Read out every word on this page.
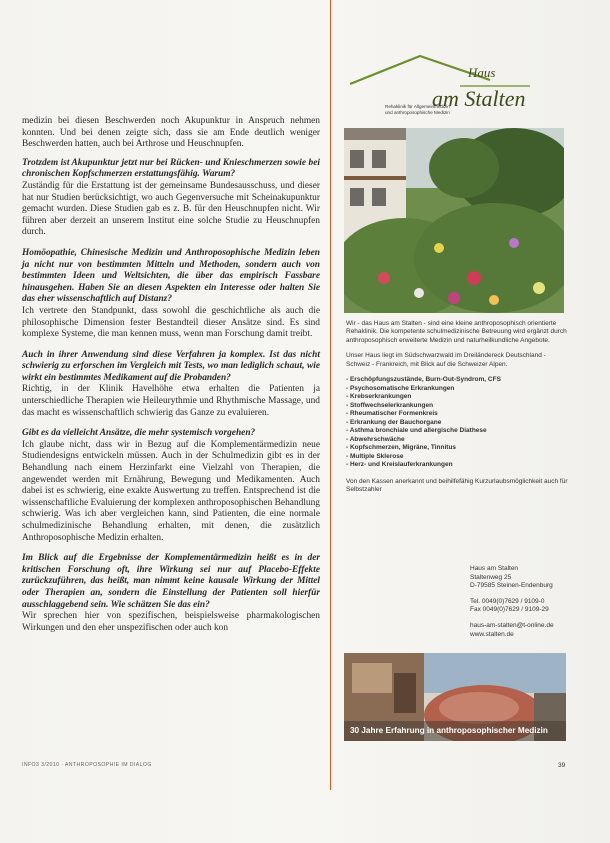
medizin bei diesen Beschwerden noch Akupunktur in Anspruch nehmen konnten. Und bei denen zeigte sich, dass sie am Ende deutlich weniger Beschwerden hatten, auch bei Arthrose und Heuschnupfen.

Trotzdem ist Akupunktur jetzt nur bei Rücken- und Knieschmerzen sowie bei chronischen Kopfschmerzen erstattungsfähig. Warum?

Zuständig für die Erstattung ist der gemeinsame Bundesausschuss, und dieser hat nur Studien berücksichtigt, wo auch Gegenversuche mit Scheinakupunktur gemacht wurden. Diese Studien gab es z. B. für den Heuschnupfen nicht. Wir führen aber derzeit an unserem Institut eine solche Studie zu Heuschnupfen durch.

Homöopathie, Chinesische Medizin und Anthroposophische Medizin leben ja nicht nur von bestimmten Mitteln und Methoden, sondern auch von bestimmten Ideen und Weltsichten, die über das empirisch Fassbare hinausgehen. Haben Sie an diesen Aspekten ein Interesse oder halten Sie das eher wissenschaftlich auf Distanz?

Ich vertrete den Standpunkt, dass sowohl die geschichtliche als auch die philosophische Dimension fester Bestandteil dieser Ansätze sind. Es sind komplexe Systeme, die man kennen muss, wenn man Forschung damit treibt.

Auch in ihrer Anwendung sind diese Verfahren ja komplex. Ist das nicht schwierig zu erforschen im Vergleich mit Tests, wo man lediglich schaut, wie wirkt ein bestimmtes Medikament auf die Probanden?

Richtig, in der Klinik Havelhöhe etwa erhalten die Patienten ja unterschiedliche Therapien wie Heileurythmie und Rhythmische Massage, und das macht es wissenschaftlich schwierig das Ganze zu evaluieren.

Gibt es da vielleicht Ansätze, die mehr systemisch vorgehen?

Ich glaube nicht, dass wir in Bezug auf die Komplementärmedizin neue Studiendesigns entwickeln müssen. Auch in der Schulmedizin gibt es in der Behandlung nach einem Herzinfarkt eine Vielzahl von Therapien, die angewendet werden mit Ernährung, Bewegung und Medikamenten. Auch dabei ist es schwierig, eine exakte Auswertung zu treffen. Entsprechend ist die wissenschaftliche Evaluierung der komplexen anthroposophischen Behandlung schwierig. Was ich aber vergleichen kann, sind Patienten, die eine normale schulmedizinische Behandlung erhalten, mit denen, die zusätzlich Anthroposophische Medizin erhalten.

Im Blick auf die Ergebnisse der Komplementärmedizin heißt es in der kritischen Forschung oft, ihre Wirkung sei nur auf Placebo-Effekte zurückzuführen, das heißt, man nimmt keine kausale Wirkung der Mittel oder Therapien an, sondern die Einstellung der Patienten soll hierfür ausschlaggebend sein. Wie schätzen Sie das ein?

Wir sprechen hier von spezifischen, beispielsweise pharmakologischen Wirkungen und den eher unspezifischen oder auch kon

Haus
am Stalten
Rehaklinik für Allgemeinmedizin
und anthroposophische Medizin

Wir - das Haus am Stalten - sind eine kleine anthroposophisch orientierte Rehaklinik. Die kompetente schulmedizinische Betreuung wird ergänzt durch anthroposophisch erweiterte Medizin und naturheilkundliche Angebote.

Unser Haus liegt im Südschwarzwald im Dreiländereck Deutschland - Schweiz - Frankreich, mit Blick auf die Schweizer Alpen.

- Erschöpfungszustände, Burn-Out-Syndrom, CFS
- Psychosomatische Erkrankungen
- Krebserkrankungen
- Stoffwechselerkrankungen
- Rheumatischer Formenkreis
- Erkrankung der Bauchorgane
- Asthma bronchiale und allergische Diathese
- Abwehrschwäche
- Kopfschmerzen, Migräne, Tinnitus
- Multiple Sklerose
- Herz- und Kreislauferkrankungen

Von den Kassen anerkannt und beihilfefähig Kurzurlaubsmöglichkeit auch für Selbstzahler

Haus am Stalten
Staltenweg 25
D-79585 Steinen-Endenburg
Tel. 0049(0)7629 / 9109-0
Fax 0049(0)7629 / 9109-29
haus-am-stalten@t-online.de
www.stalten.de
30 Jahre Erfahrung in anthroposophischer Medizin
INFO3 3/2010 · ANTHROPOSOPHIE IM DIALOG	39
